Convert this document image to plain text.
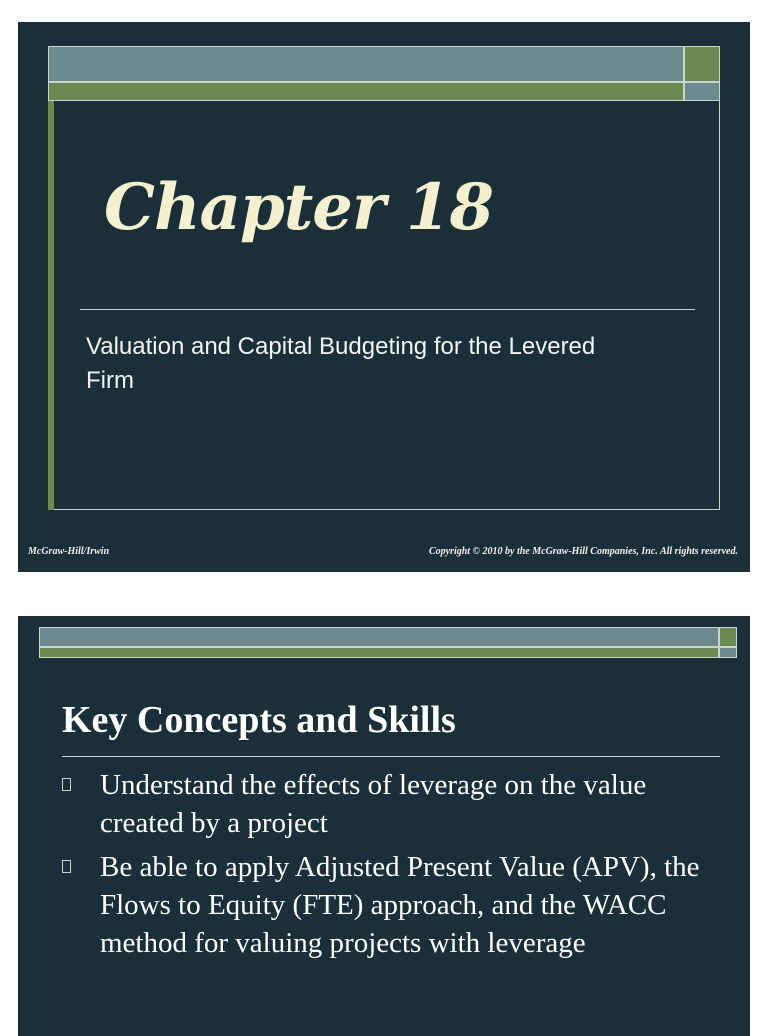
Chapter 18

Valuation and Capital Budgeting for the Levered Firm

McGraw-Hill/Irwin	Copyright © 2010 by the McGraw-Hill Companies, Inc. All rights reserved.
Key Concepts and Skills
Understand the effects of leverage on the value created by a project
Be able to apply Adjusted Present Value (APV), the Flows to Equity (FTE) approach, and the WACC method for valuing projects with leverage
